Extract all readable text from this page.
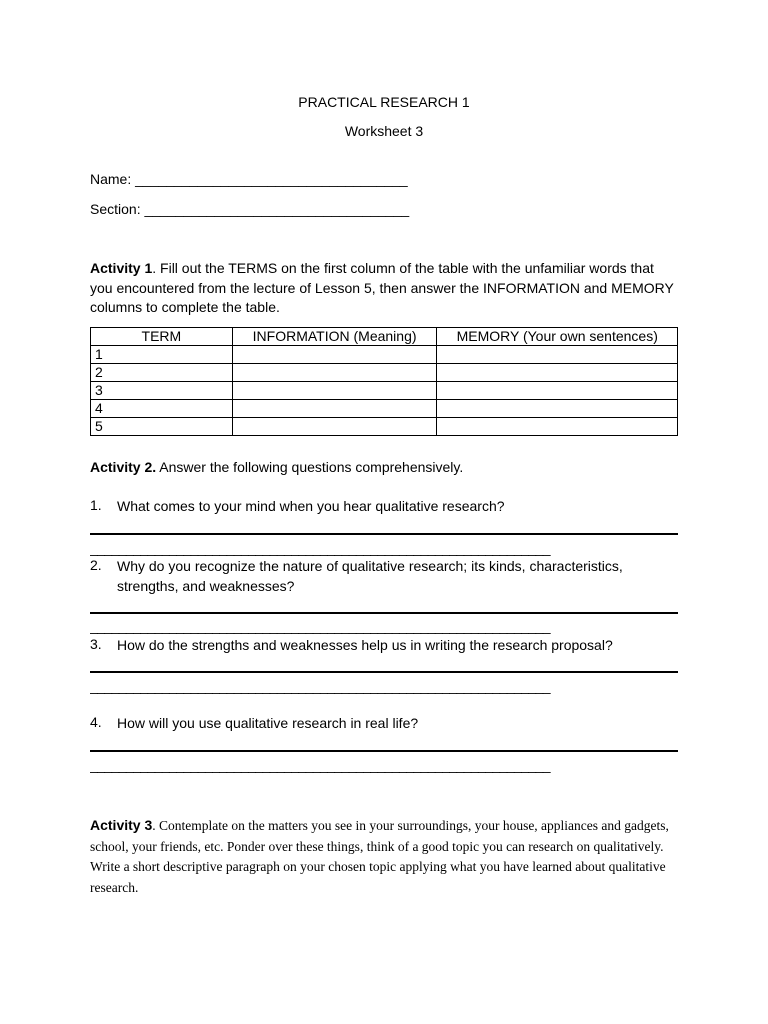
PRACTICAL RESEARCH 1
Worksheet 3
Name: ___________________________________
Section: __________________________________
Activity 1. Fill out the TERMS on the first column of the table with the unfamiliar words that you encountered from the lecture of Lesson 5, then answer the INFORMATION and MEMORY columns to complete the table.
TERM	INFORMATION (Meaning)	MEMORY (Your own sentences)
1		
2		
3		
4		
5		
Activity 2. Answer the following questions comprehensively.
1. What comes to your mind when you hear qualitative research?
________________________________________________________________
2. Why do you recognize the nature of qualitative research; its kinds, characteristics, strengths, and weaknesses?
________________________________________________________________
3. How do the strengths and weaknesses help us in writing the research proposal?
________________________________________________________________
4. How will you use qualitative research in real life?
________________________________________________________________
Activity 3. Contemplate on the matters you see in your surroundings, your house, appliances and gadgets, school, your friends, etc. Ponder over these things, think of a good topic you can research on qualitatively. Write a short descriptive paragraph on your chosen topic applying what you have learned about qualitative research.
